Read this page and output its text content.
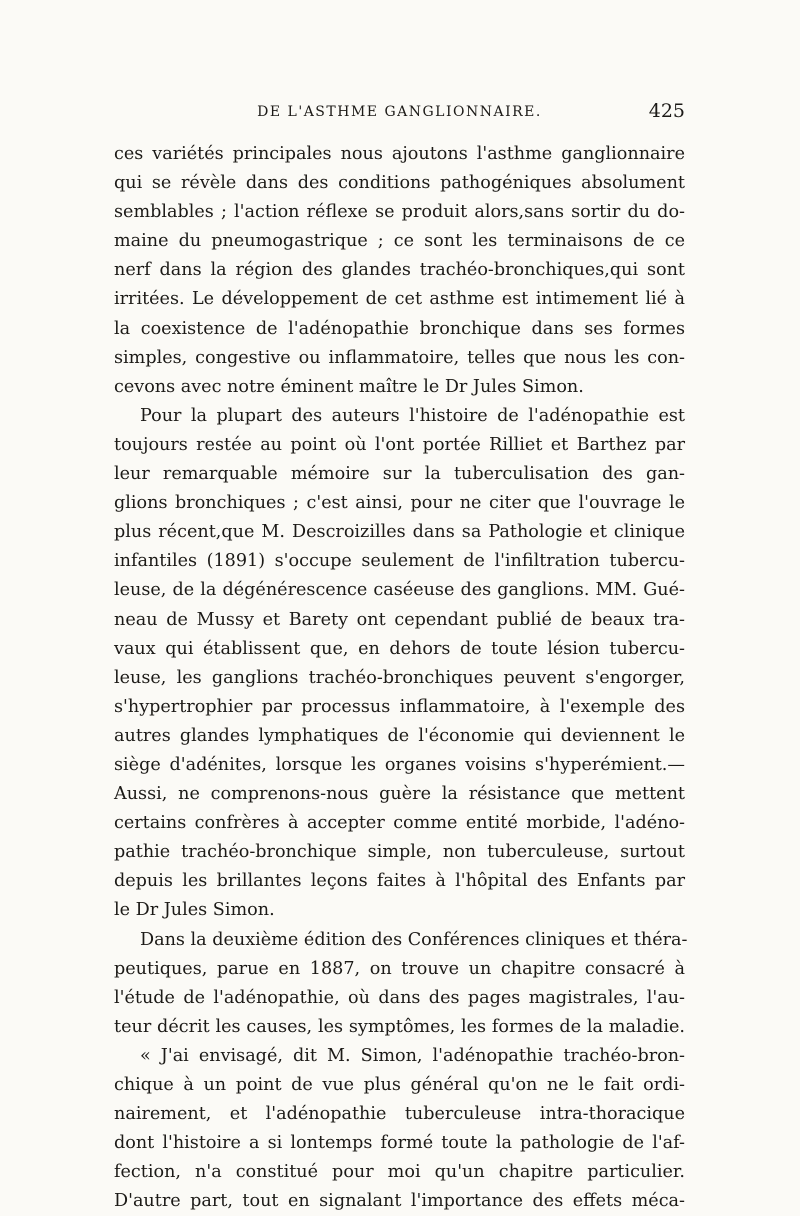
DE L'ASTHME GANGLIONNAIRE.	425
ces variétés principales nous ajoutons l'asthme ganglionnaire
qui se révèle dans des conditions pathogéniques absolument
semblables ; l'action réflexe se produit alors,sans sortir du do-
maine du pneumogastrique ; ce sont les terminaisons de ce
nerf dans la région des glandes trachéo-bronchiques,qui sont
irritées. Le développement de cet asthme est intimement lié à
la coexistence de l'adénopathie bronchique dans ses formes
simples, congestive ou inflammatoire, telles que nous les con-
cevons avec notre éminent maître le Dr Jules Simon.
Pour la plupart des auteurs l'histoire de l'adénopathie est
toujours restée au point où l'ont portée Rilliet et Barthez par
leur remarquable mémoire sur la tuberculisation des gan-
glions bronchiques ; c'est ainsi, pour ne citer que l'ouvrage le
plus récent,que M. Descroizilles dans sa Pathologie et clinique
infantiles (1891) s'occupe seulement de l'infiltration tubercu-
leuse, de la dégénérescence caséeuse des ganglions. MM. Gué-
neau de Mussy et Barety ont cependant publié de beaux tra-
vaux qui établissent que, en dehors de toute lésion tubercu-
leuse, les ganglions trachéo-bronchiques peuvent s'engorger,
s'hypertrophier par processus inflammatoire, à l'exemple des
autres glandes lymphatiques de l'économie qui deviennent le
siège d'adénites, lorsque les organes voisins s'hyperémient.—
Aussi, ne comprenons-nous guère la résistance que mettent
certains confrères à accepter comme entité morbide, l'adéno-
pathie trachéo-bronchique simple, non tuberculeuse, surtout
depuis les brillantes leçons faites à l'hôpital des Enfants par
le Dr Jules Simon.
Dans la deuxième édition des Conférences cliniques et théra-
peutiques, parue en 1887, on trouve un chapitre consacré à
l'étude de l'adénopathie, où dans des pages magistrales, l'au-
teur décrit les causes, les symptômes, les formes de la maladie.
« J'ai envisagé, dit M. Simon, l'adénopathie trachéo-bron-
chique à un point de vue plus général qu'on ne le fait ordi-
nairement, et l'adénopathie tuberculeuse intra-thoracique
dont l'histoire a si lontemps formé toute la pathologie de l'af-
fection, n'a constitué pour moi qu'un chapitre particulier.
D'autre part, tout en signalant l'importance des effets méca-
